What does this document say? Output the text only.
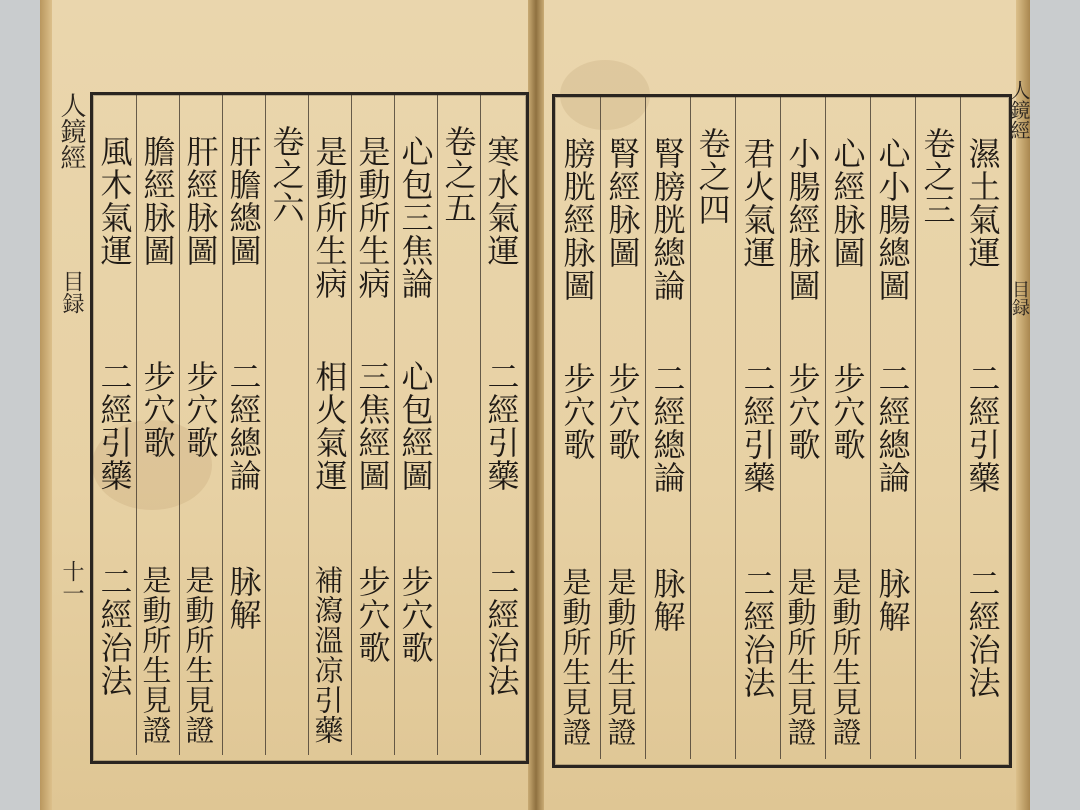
人鏡經
目録
十一
人鏡經
目録
寒水氣運
二經引藥
二經治法
卷之五
心包三焦論
心包經圖
步穴歌
是動所生病
三焦經圖
步穴歌
是動所生病
相火氣運
補瀉溫凉引藥
卷之六
肝膽總圖
二經總論
脉解
肝經脉圖
步穴歌
是動所生見證
膽經脉圖
步穴歌
是動所生見證
風木氣運
二經引藥
二經治法
濕土氣運
二經引藥
二經治法
卷之三
心小腸總圖
二經總論
脉解
心經脉圖
步穴歌
是動所生見證
小腸經脉圖
步穴歌
是動所生見證
君火氣運
二經引藥
二經治法
卷之四
腎膀胱總論
二經總論
脉解
腎經脉圖
步穴歌
是動所生見證
膀胱經脉圖
步穴歌
是動所生見證
